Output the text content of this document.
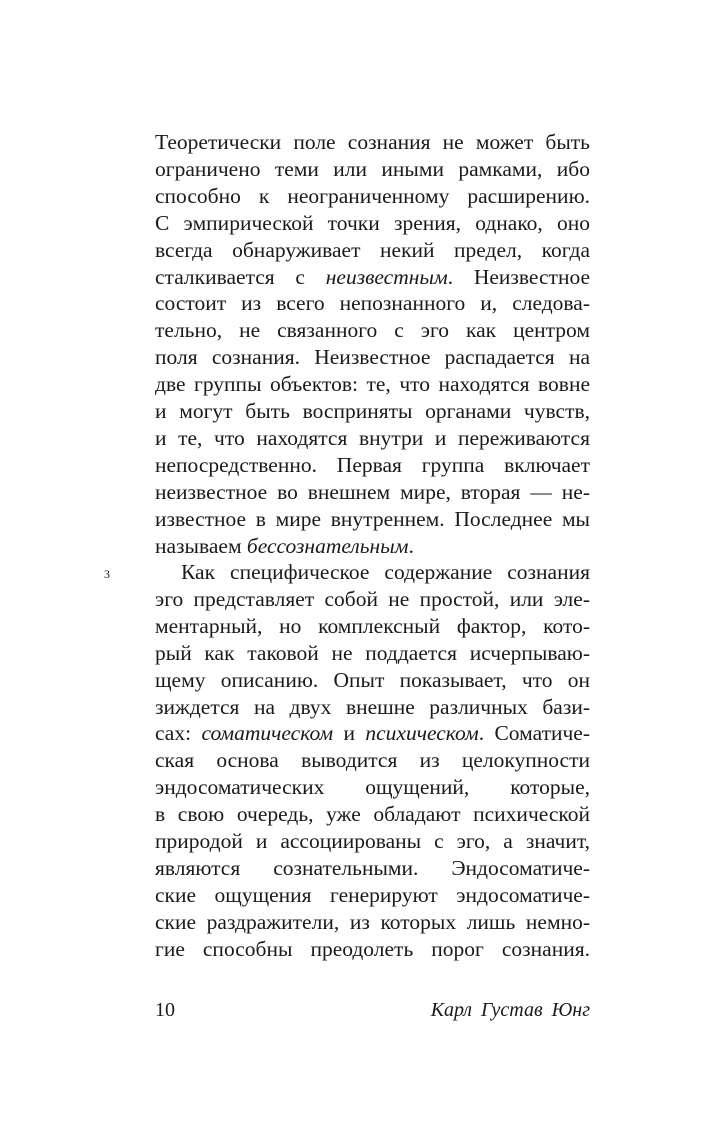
Теоретически поле сознания не может быть
ограничено теми или иными рамками, ибо
способно к неограниченному расширению.
С эмпирической точки зрения, однако, оно
всегда обнаруживает некий предел, когда
сталкивается с неизвестным. Неизвестное
состоит из всего непознанного и, следова-
тельно, не связанного с эго как центром
поля сознания. Неизвестное распадается на
две группы объектов: те, что находятся вовне
и могут быть восприняты органами чувств,
и те, что находятся внутри и переживаются
непосредственно. Первая группа включает
неизвестное во внешнем мире, вторая — не-
известное в мире внутреннем. Последнее мы
называем бессознательным.
3	Как специфическое содержание сознания
эго представляет собой не простой, или эле-
ментарный, но комплексный фактор, кото-
рый как таковой не поддается исчерпываю-
щему описанию. Опыт показывает, что он
зиждется на двух внешне различных бази-
сах: соматическом и психическом. Соматиче-
ская основа выводится из целокупности
эндосоматических ощущений, которые,
в свою очередь, уже обладают психической
природой и ассоциированы с эго, а значит,
являются сознательными. Эндосоматиче-
ские ощущения генерируют эндосоматиче-
ские раздражители, из которых лишь немно-
гие способны преодолеть порог сознания.
10	Карл Густав Юнг
